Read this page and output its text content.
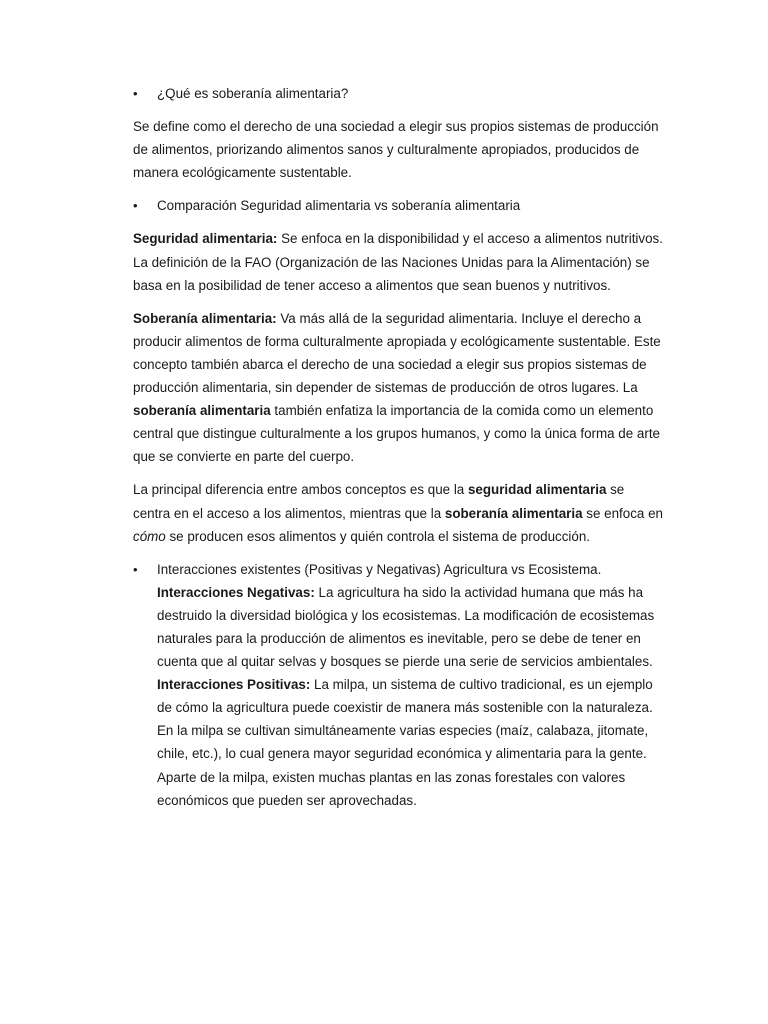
• ¿Qué es soberanía alimentaria?

Se define como el derecho de una sociedad a elegir sus propios sistemas de producción de alimentos, priorizando alimentos sanos y culturalmente apropiados, producidos de manera ecológicamente sustentable.

• Comparación Seguridad alimentaria vs soberanía alimentaria

Seguridad alimentaria: Se enfoca en la disponibilidad y el acceso a alimentos nutritivos. La definición de la FAO (Organización de las Naciones Unidas para la Alimentación) se basa en la posibilidad de tener acceso a alimentos que sean buenos y nutritivos.

Soberanía alimentaria: Va más allá de la seguridad alimentaria. Incluye el derecho a producir alimentos de forma culturalmente apropiada y ecológicamente sustentable. Este concepto también abarca el derecho de una sociedad a elegir sus propios sistemas de producción alimentaria, sin depender de sistemas de producción de otros lugares. La soberanía alimentaria también enfatiza la importancia de la comida como un elemento central que distingue culturalmente a los grupos humanos, y como la única forma de arte que se convierte en parte del cuerpo.

La principal diferencia entre ambos conceptos es que la seguridad alimentaria se centra en el acceso a los alimentos, mientras que la soberanía alimentaria se enfoca en cómo se producen esos alimentos y quién controla el sistema de producción.

• Interacciones existentes (Positivas y Negativas) Agricultura vs Ecosistema.

Interacciones Negativas: La agricultura ha sido la actividad humana que más ha destruido la diversidad biológica y los ecosistemas. La modificación de ecosistemas naturales para la producción de alimentos es inevitable, pero se debe de tener en cuenta que al quitar selvas y bosques se pierde una serie de servicios ambientales.

Interacciones Positivas: La milpa, un sistema de cultivo tradicional, es un ejemplo de cómo la agricultura puede coexistir de manera más sostenible con la naturaleza. En la milpa se cultivan simultáneamente varias especies (maíz, calabaza, jitomate, chile, etc.), lo cual genera mayor seguridad económica y alimentaria para la gente. Aparte de la milpa, existen muchas plantas en las zonas forestales con valores económicos que pueden ser aprovechadas.
